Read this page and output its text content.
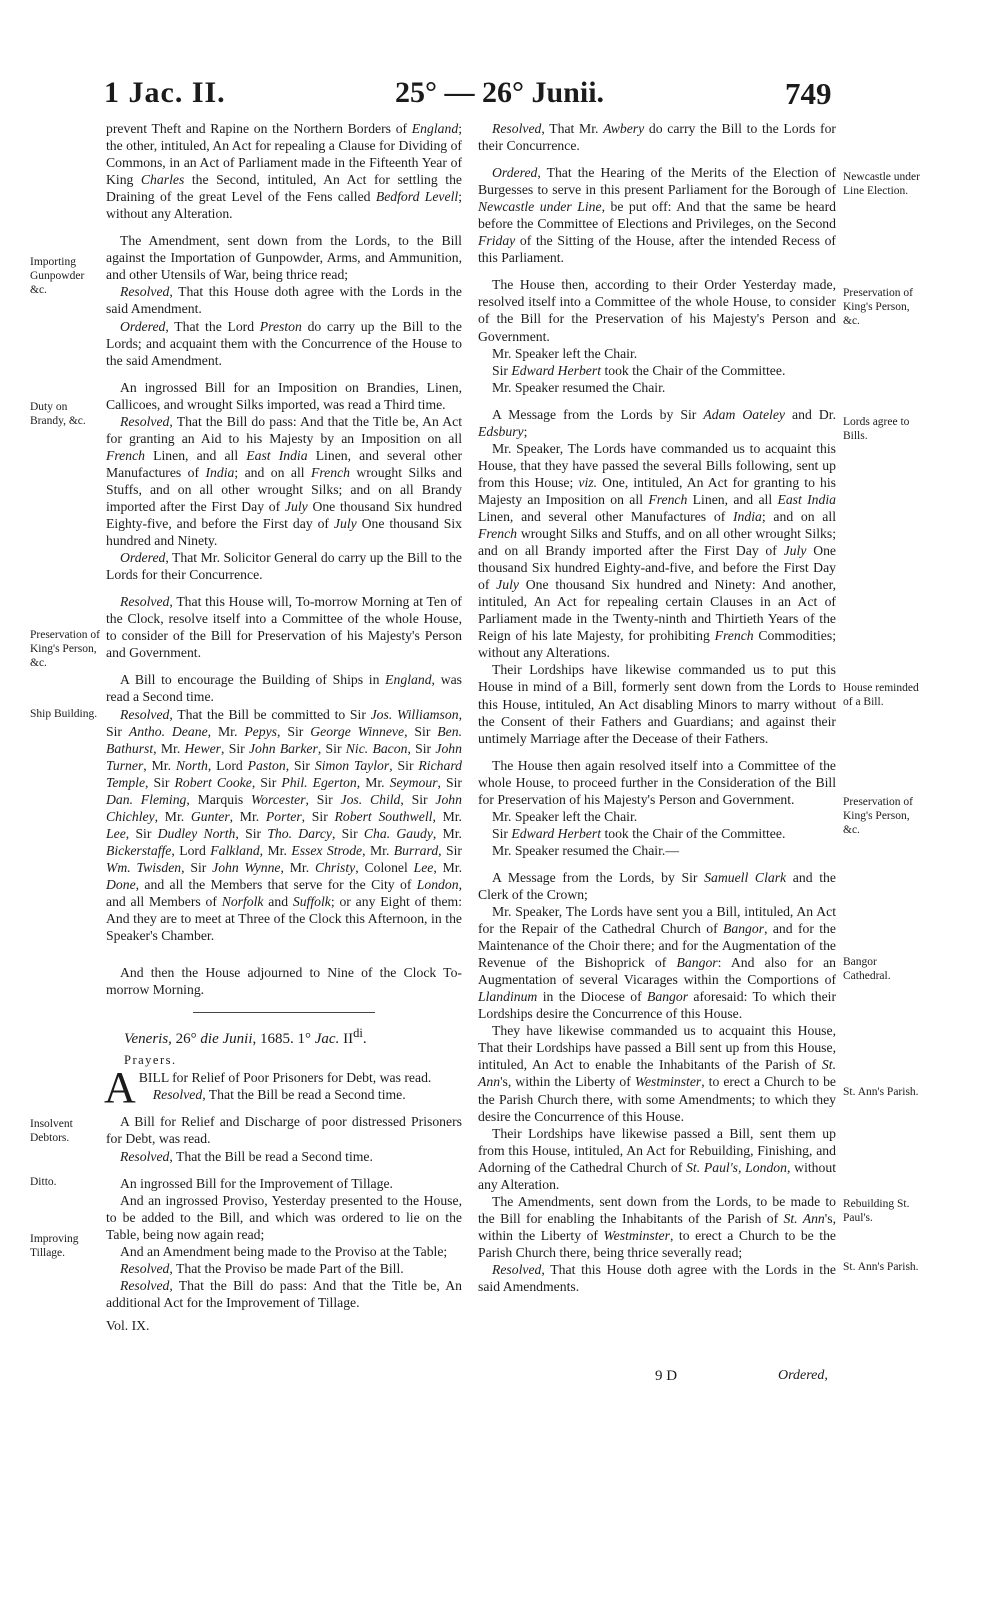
1 Jac. II.	25° — 26° Junii.	749

prevent Theft and Rapine on the Northern Borders of England; the other, intituled, An Act for repealing a Clause for Dividing of Commons, in an Act of Parliament made in the Fifteenth Year of King Charles the Second, intituled, An Act for settling the Draining of the great Level of the Fens called Bedford Levell; without any Alteration.

The Amendment, sent down from the Lords, to the Bill against the Importation of Gunpowder, Arms, and Ammunition, and other Utensils of War, being thrice read;

Resolved, That this House doth agree with the Lords in the said Amendment.

Ordered, That the Lord Preston do carry up the Bill to the Lords; and acquaint them with the Concurrence of the House to the said Amendment.

An ingrossed Bill for an Imposition on Brandies, Linen, Callicoes, and wrought Silks imported, was read a Third time.

Resolved, That the Bill do pass: And that the Title be, An Act for granting an Aid to his Majesty by an Imposition on all French Linen, and all East India Linen, and several other Manufactures of India; and on all French wrought Silks and Stuffs, and on all other wrought Silks; and on all Brandy imported after the First Day of July One thousand Six hundred Eighty-five, and before the First day of July One thousand Six hundred and Ninety.

Ordered, That Mr. Solicitor General do carry up the Bill to the Lords for their Concurrence.

Resolved, That this House will, To-morrow Morning at Ten of the Clock, resolve itself into a Committee of the whole House, to consider of the Bill for Preservation of his Majesty's Person and Government.

A Bill to encourage the Building of Ships in England, was read a Second time.

Resolved, That the Bill be committed to Sir Jos. Williamson, Sir Antho. Deane, Mr. Pepys, Sir George Winneve, Sir Ben. Bathurst, Mr. Hewer, Sir John Barker, Sir Nic. Bacon, Sir John Turner, Mr. North, Lord Paston, Sir Simon Taylor, Sir Richard Temple, Sir Robert Cooke, Sir Phil. Egerton, Mr. Seymour, Sir Dan. Fleming, Marquis Worcester, Sir Jos. Child, Sir John Chichley, Mr. Gunter, Mr. Porter, Sir Robert Southwell, Mr. Lee, Sir Dudley North, Sir Tho. Darcy, Sir Cha. Gaudy, Mr. Bickerstaffe, Lord Falkland, Mr. Essex Strode, Mr. Burrard, Sir Wm. Twisden, Sir John Wynne, Mr. Christy, Colonel Lee, Mr. Done, and all the Members that serve for the City of London, and all Members of Norfolk and Suffolk; or any Eight of them: And they are to meet at Three of the Clock this Afternoon, in the Speaker's Chamber.

And then the House adjourned to Nine of the Clock To-morrow Morning.

Veneris, 26° die Junii, 1685. 1° Jac. $II^{di}$.

Prayers.

ABILL for Relief of Poor Prisoners for Debt, was read.

Resolved, That the Bill be read a Second time.

A Bill for Relief and Discharge of poor distressed Prisoners for Debt, was read.

Resolved, That the Bill be read a Second time.

An ingrossed Bill for the Improvement of Tillage.

And an ingrossed Proviso, Yesterday presented to the House, to be added to the Bill, and which was ordered to lie on the Table, being now again read;

And an Amendment being made to the Proviso at the Table;

Resolved, That the Proviso be made Part of the Bill.

Resolved, That the Bill do pass: And that the Title be, An additional Act for the Improvement of Tillage.

Vol. IX.

Resolved, That Mr. Awbery do carry the Bill to the Lords for their Concurrence.

Ordered, That the Hearing of the Merits of the Election of Burgesses to serve in this present Parliament for the Borough of Newcastle under Line, be put off: And that the same be heard before the Committee of Elections and Privileges, on the Second Friday of the Sitting of the House, after the intended Recess of this Parliament.

The House then, according to their Order Yesterday made, resolved itself into a Committee of the whole House, to consider of the Bill for the Preservation of his Majesty's Person and Government.

Mr. Speaker left the Chair.

Sir Edward Herbert took the Chair of the Committee.

Mr. Speaker resumed the Chair.

A Message from the Lords by Sir Adam Oateley and Dr. Edsbury;

Mr. Speaker, The Lords have commanded us to acquaint this House, that they have passed the several Bills following, sent up from this House; viz. One, intituled, An Act for granting to his Majesty an Imposition on all French Linen, and all East India Linen, and several other Manufactures of India; and on all French wrought Silks and Stuffs, and on all other wrought Silks; and on all Brandy imported after the First Day of July One thousand Six hundred Eighty-and-five, and before the First Day of July One thousand Six hundred and Ninety: And another, intituled, An Act for repealing certain Clauses in an Act of Parliament made in the Twenty-ninth and Thirtieth Years of the Reign of his late Majesty, for prohibiting French Commodities; without any Alterations.

Their Lordships have likewise commanded us to put this House in mind of a Bill, formerly sent down from the Lords to this House, intituled, An Act disabling Minors to marry without the Consent of their Fathers and Guardians; and against their untimely Marriage after the Decease of their Fathers.

The House then again resolved itself into a Committee of the whole House, to proceed further in the Consideration of the Bill for Preservation of his Majesty's Person and Government.

Mr. Speaker left the Chair.

Sir Edward Herbert took the Chair of the Committee.

Mr. Speaker resumed the Chair.—

A Message from the Lords, by Sir Samuell Clark and the Clerk of the Crown;

Mr. Speaker, The Lords have sent you a Bill, intituled, An Act for the Repair of the Cathedral Church of Bangor, and for the Maintenance of the Choir there; and for the Augmentation of the Revenue of the Bishoprick of Bangor: And also for an Augmentation of several Vicarages within the Comportions of Llandinum in the Diocese of Bangor aforesaid: To which their Lordships desire the Concurrence of this House.

They have likewise commanded us to acquaint this House, That their Lordships have passed a Bill sent up from this House, intituled, An Act to enable the Inhabitants of the Parish of St. Ann's, within the Liberty of Westminster, to erect a Church to be the Parish Church there, with some Amendments; to which they desire the Concurrence of this House.

Their Lordships have likewise passed a Bill, sent them up from this House, intituled, An Act for Rebuilding, Finishing, and Adorning of the Cathedral Church of St. Paul's, London, without any Alteration.

The Amendments, sent down from the Lords, to be made to the Bill for enabling the Inhabitants of the Parish of St. Ann's, within the Liberty of Westminster, to erect a Church to be the Parish Church there, being thrice severally read;

Resolved, That this House doth agree with the Lords in the said Amendments.

Importing Gunpowder &c.
Duty on Brandy, &c.
Preservation of King's Person, &c.
Ship Building.
Insolvent Debtors.
Ditto.
Improving Tillage.
Newcastle under Line Election.
Preservation of King's Person, &c.
Lords agree to Bills.
House reminded of a Bill.
Preservation of King's Person, &c.
Bangor Cathedral.
St. Ann's Parish.
Rebuilding St. Paul's.
St. Ann's Parish.
9 D	Ordered,
